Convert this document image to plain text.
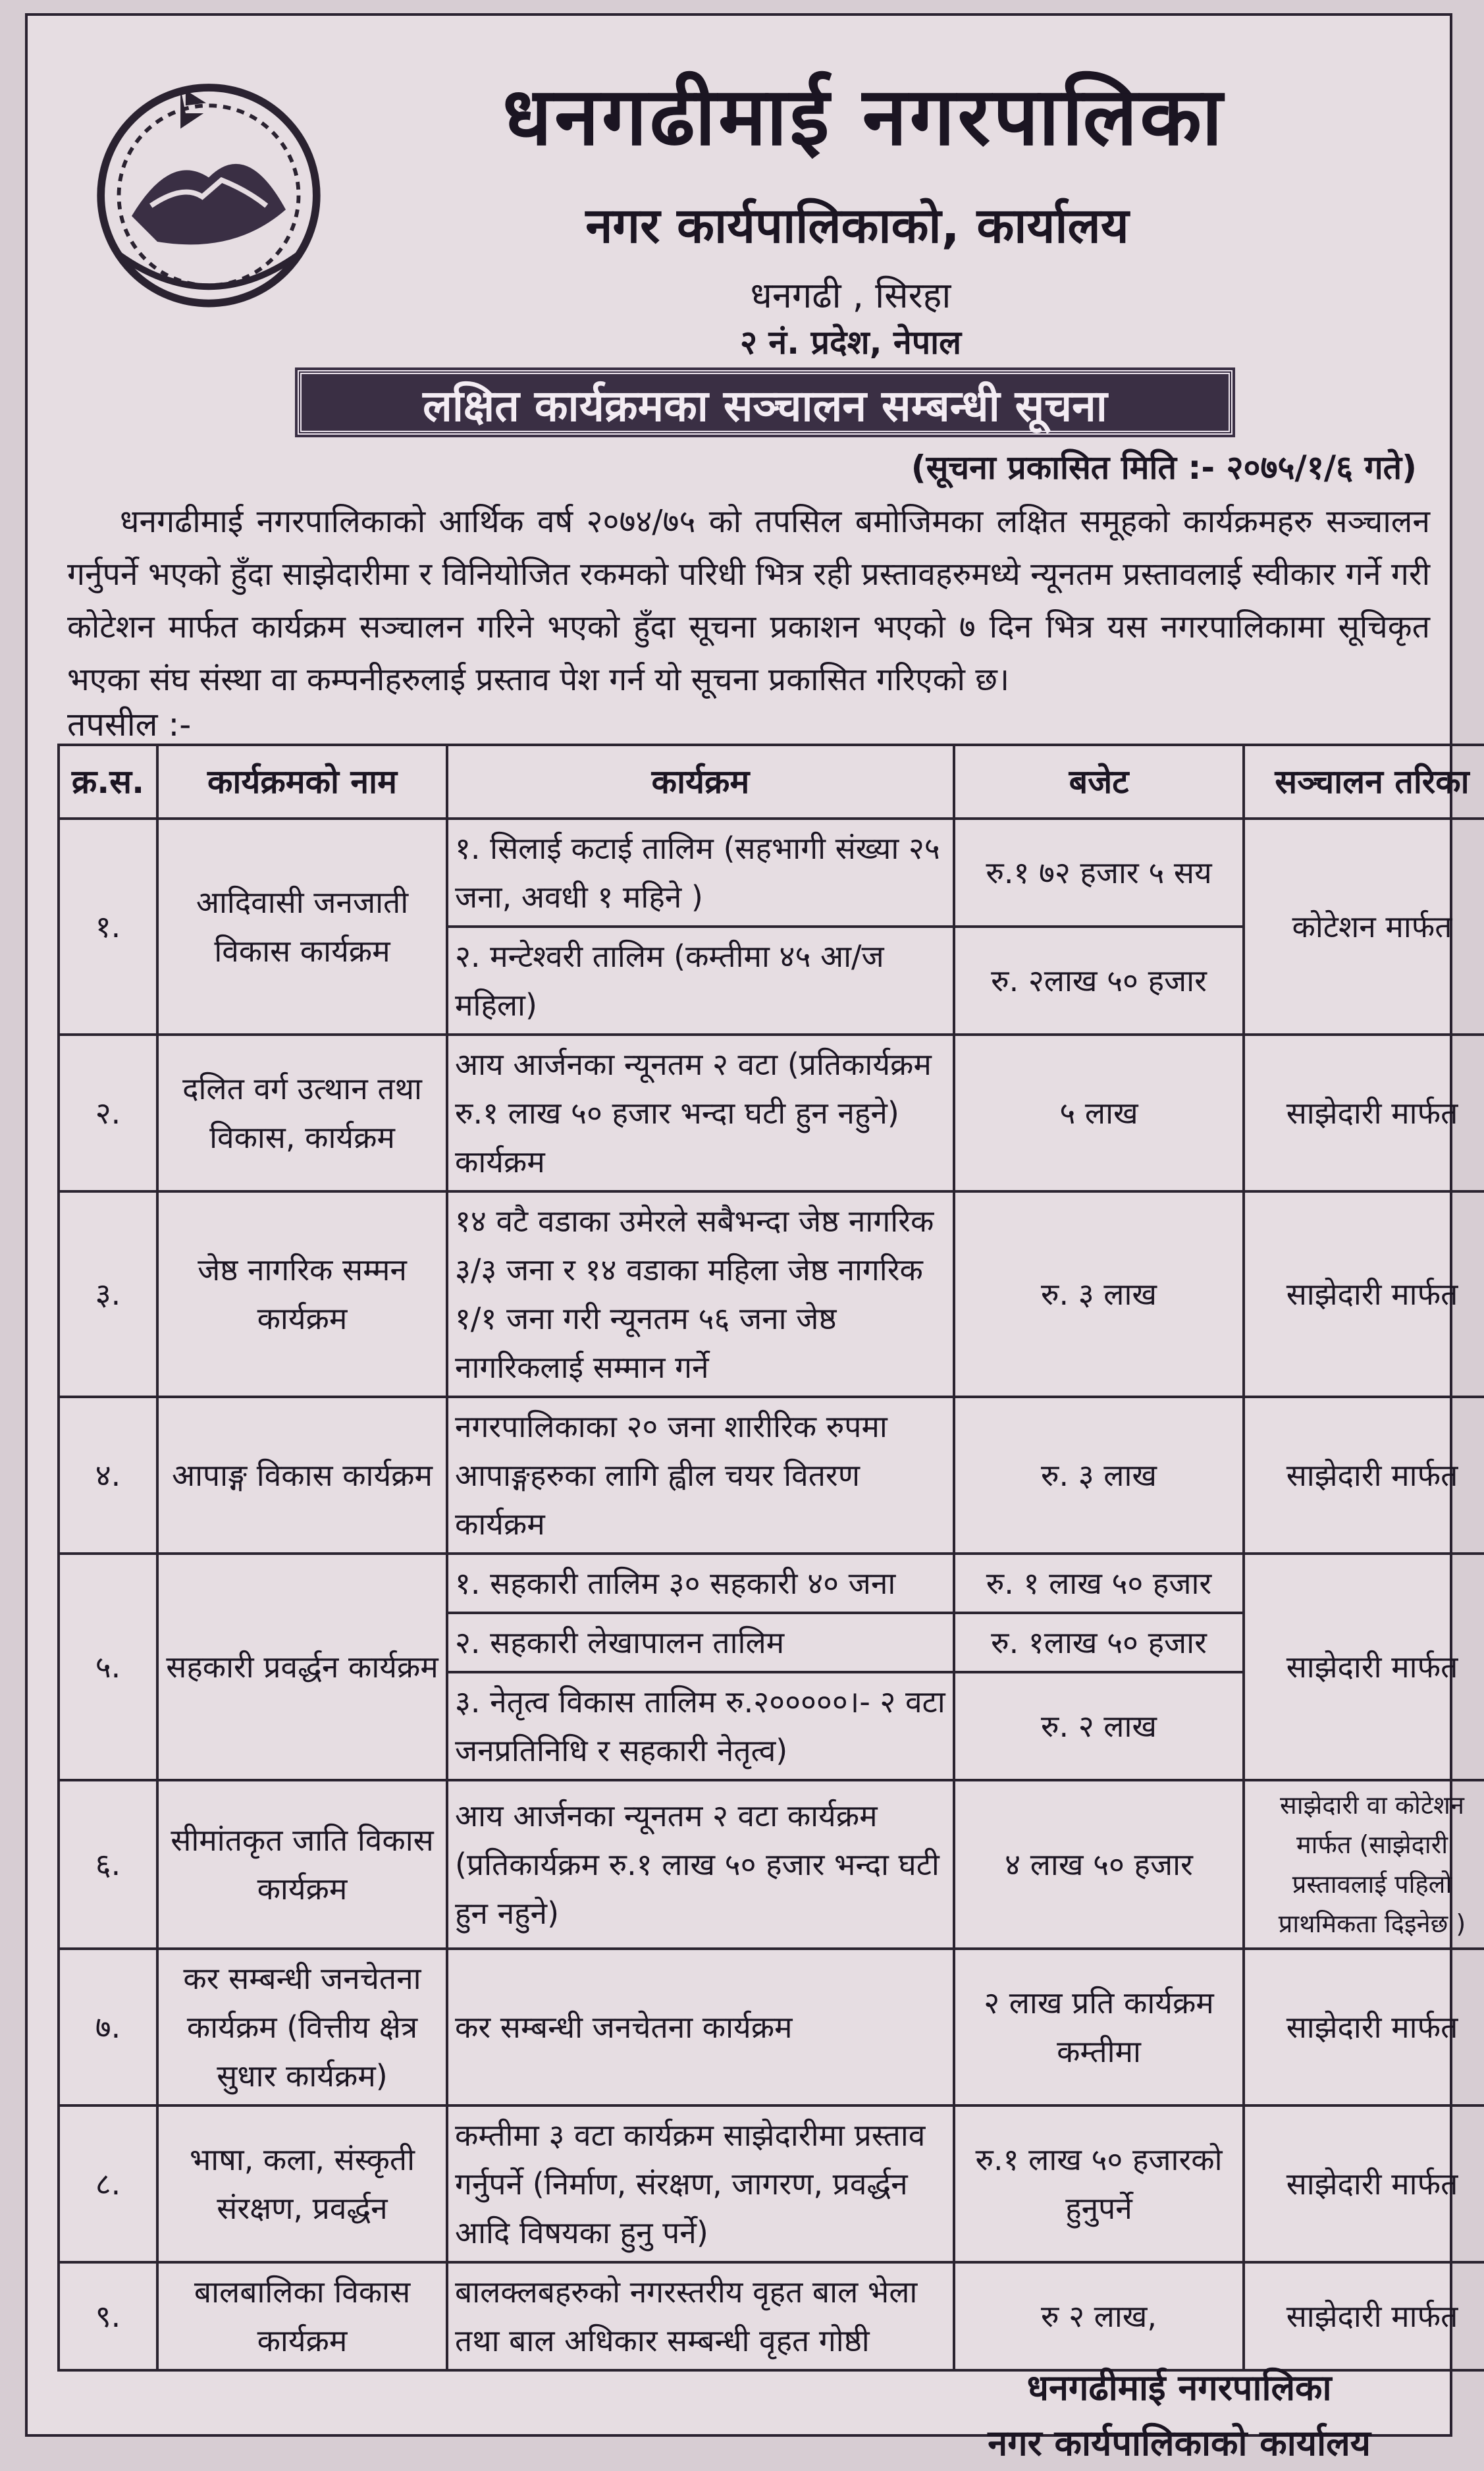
धनगढीमाई नगरपालिका
नगर कार्यपालिकाको, कार्यालय
धनगढी , सिरहा
२ नं. प्रदेश, नेपाल
लक्षित कार्यक्रमका सञ्चालन सम्बन्धी सूचना
(सूचना प्रकासित मिति :- २०७५/१/६ गते)
धनगढीमाई नगरपालिकाको आर्थिक वर्ष २०७४/७५ को तपसिल बमोजिमका लक्षित समूहको कार्यक्रमहरु सञ्चालन गर्नुपर्ने भएको हुँदा साझेदारीमा र विनियोजित रकमको परिधी भित्र रही प्रस्तावहरुमध्ये न्यूनतम प्रस्तावलाई स्वीकार गर्ने गरी कोटेशन मार्फत कार्यक्रम सञ्चालन गरिने भएको हुँदा सूचना प्रकाशन भएको ७ दिन भित्र यस नगरपालिकामा सूचिकृत भएका संघ संस्था वा कम्पनीहरुलाई प्रस्ताव पेश गर्न यो सूचना प्रकासित गरिएको छ।
तपसील :-
क्र.स.	कार्यक्रमको नाम	कार्यक्रम	बजेट	सञ्चालन तरिका
१.	आदिवासी जनजाती विकास कार्यक्रम	१. सिलाई कटाई तालिम (सहभागी संख्या २५ जना, अवधी १ महिने )	रु.१ ७२ हजार ५ सय	कोटेशन मार्फत
		२. मन्टेश्वरी तालिम (कम्तीमा ४५ आ/ज महिला)	रु. २लाख ५० हजार	
२.	दलित वर्ग उत्थान तथा विकास, कार्यक्रम	आय आर्जनका न्यूनतम २ वटा (प्रतिकार्यक्रम रु.१ लाख ५० हजार भन्दा घटी हुन नहुने) कार्यक्रम	५ लाख	साझेदारी मार्फत
३.	जेष्ठ नागरिक सम्मन कार्यक्रम	१४ वटै वडाका उमेरले सबैभन्दा जेष्ठ नागरिक ३/३ जना र १४ वडाका महिला जेष्ठ नागरिक १/१ जना गरी न्यूनतम ५६ जना जेष्ठ नागरिकलाई सम्मान गर्ने	रु. ३ लाख	साझेदारी मार्फत
४.	आपाङ्ग विकास कार्यक्रम	नगरपालिकाका २० जना शारीरिक रुपमा आपाङ्गहरुका लागि ह्वील चयर वितरण कार्यक्रम	रु. ३ लाख	साझेदारी मार्फत
५.	सहकारी प्रवर्द्धन कार्यक्रम	१. सहकारी तालिम ३० सहकारी ४० जना	रु. १ लाख ५० हजार	साझेदारी मार्फत
		२. सहकारी लेखापालन तालिम	रु. १लाख ५० हजार	
		३. नेतृत्व विकास तालिम रु.२०००००।- २ वटा जनप्रतिनिधि र सहकारी नेतृत्व)	रु. २ लाख	
६.	सीमांतकृत जाति विकास कार्यक्रम	आय आर्जनका न्यूनतम २ वटा कार्यक्रम (प्रतिकार्यक्रम रु.१ लाख ५० हजार भन्दा घटी हुन नहुने)	४ लाख ५० हजार	साझेदारी वा कोटेशन मार्फत (साझेदारी प्रस्तावलाई पहिलो प्राथमिकता दिइनेछ )
७.	कर सम्बन्धी जनचेतना कार्यक्रम (वित्तीय क्षेत्र सुधार कार्यक्रम)	कर सम्बन्धी जनचेतना कार्यक्रम	२ लाख प्रति कार्यक्रम कम्तीमा	साझेदारी मार्फत
८.	भाषा, कला, संस्कृती संरक्षण, प्रवर्द्धन	कम्तीमा ३ वटा कार्यक्रम साझेदारीमा प्रस्ताव गर्नुपर्ने (निर्माण, संरक्षण, जागरण, प्रवर्द्धन आदि विषयका हुनु पर्ने)	रु.१ लाख ५० हजारको हुनुपर्ने	साझेदारी मार्फत
९.	बालबालिका विकास कार्यक्रम	बालक्लबहरुको नगरस्तरीय वृहत बाल भेला तथा बाल अधिकार सम्बन्धी वृहत गोष्ठी	रु २ लाख,	साझेदारी मार्फत
धनगढीमाई नगरपालिका
नगर कार्यपालिकाको कार्यालय
